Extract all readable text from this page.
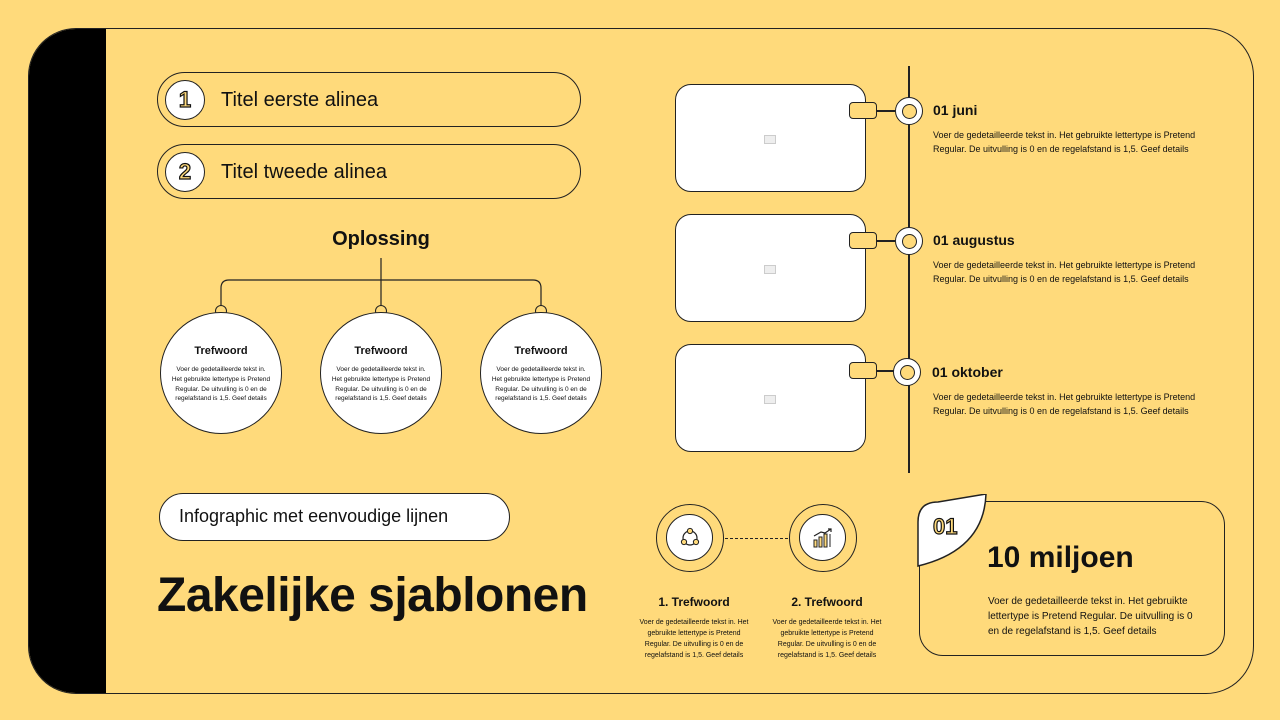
1	Titel eerste alinea
2	Titel tweede alinea
Oplossing
Trefwoord
Voer de gedetailleerde tekst in. Het gebruikte lettertype is Pretend Regular. De uitvulling is 0 en de regelafstand is 1,5. Geef details
Trefwoord
Voer de gedetailleerde tekst in. Het gebruikte lettertype is Pretend Regular. De uitvulling is 0 en de regelafstand is 1,5. Geef details
Trefwoord
Voer de gedetailleerde tekst in. Het gebruikte lettertype is Pretend Regular. De uitvulling is 0 en de regelafstand is 1,5. Geef details
Infographic met eenvoudige lijnen
Zakelijke sjablonen
01 juni
Voer de gedetailleerde tekst in. Het gebruikte lettertype is Pretend Regular. De uitvulling is 0 en de regelafstand is 1,5. Geef details
01 augustus
Voer de gedetailleerde tekst in. Het gebruikte lettertype is Pretend Regular. De uitvulling is 0 en de regelafstand is 1,5. Geef details
01 oktober
Voer de gedetailleerde tekst in. Het gebruikte lettertype is Pretend Regular. De uitvulling is 0 en de regelafstand is 1,5. Geef details
1. Trefwoord
Voer de gedetailleerde tekst in. Het gebruikte lettertype is Pretend Regular. De uitvulling is 0 en de regelafstand is 1,5. Geef details
2. Trefwoord
Voer de gedetailleerde tekst in. Het gebruikte lettertype is Pretend Regular. De uitvulling is 0 en de regelafstand is 1,5. Geef details
01
10 miljoen
Voer de gedetailleerde tekst in. Het gebruikte lettertype is Pretend Regular. De uitvulling is 0 en de regelafstand is 1,5. Geef details
